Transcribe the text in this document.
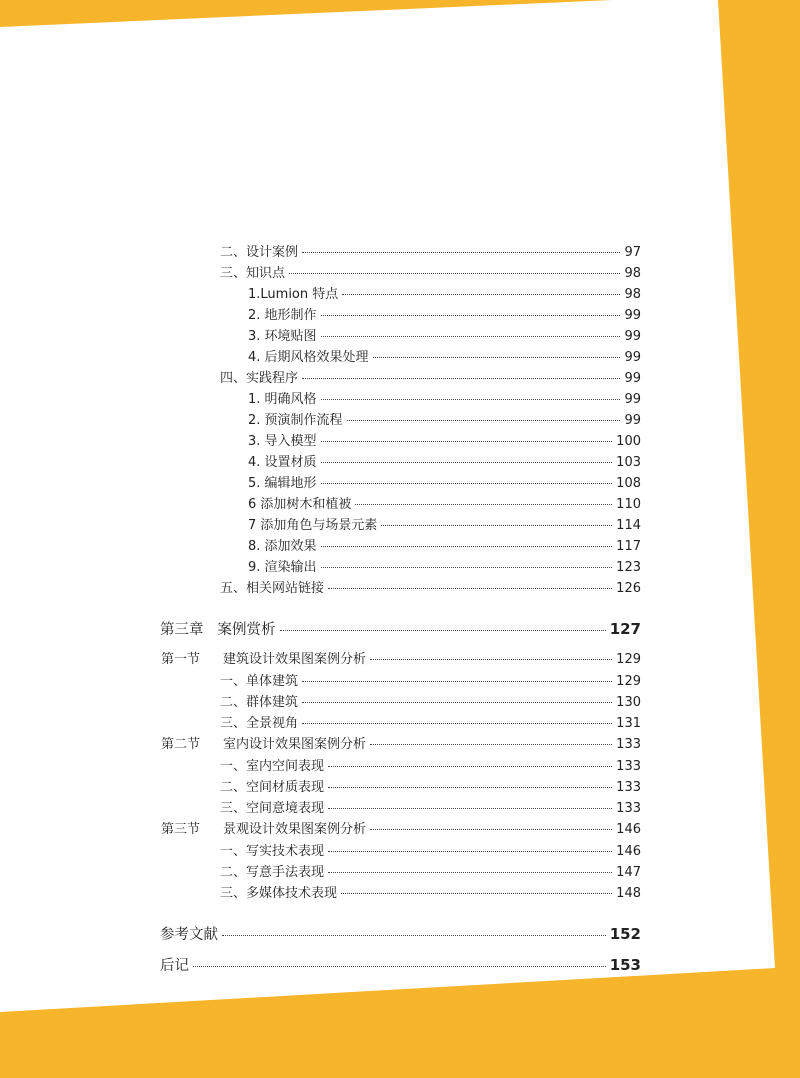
二、设计案例	97
三、知识点	98
1.Lumion 特点	98
2. 地形制作	99
3. 环境贴图	99
4. 后期风格效果处理	99
四、实践程序	99
1. 明确风格	99
2. 预演制作流程	99
3. 导入模型	100
4. 设置材质	103
5. 编辑地形	108
6 添加树木和植被	110
7 添加角色与场景元素	114
8. 添加效果	117
9. 渲染输出	123
五、相关网站链接	126
第三章 案例赏析	127
第一节	建筑设计效果图案例分析	129
一、单体建筑	129
二、群体建筑	130
三、全景视角	131
第二节	室内设计效果图案例分析	133
一、室内空间表现	133
二、空间材质表现	133
三、空间意境表现	133
第三节	景观设计效果图案例分析	146
一、写实技术表现	146
二、写意手法表现	147
三、多媒体技术表现	148
参考文献	152
后记	153
